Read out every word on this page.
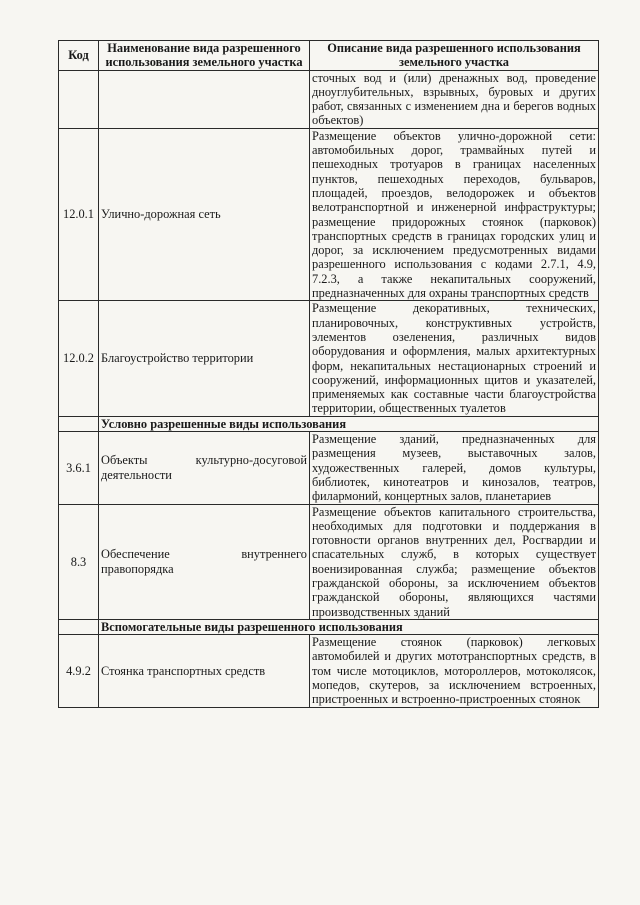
Код	Наименование вида разрешенного использования земельного участка	Описание вида разрешенного использования земельного участка
		сточных вод и (или) дренажных вод, проведение дноуглубительных, взрывных, буровых и других работ, связанных с изменением дна и берегов водных объектов)
12.0.1	Улично-дорожная сеть	Размещение объектов улично-дорожной сети: автомобильных дорог, трамвайных путей и пешеходных тротуаров в границах населенных пунктов, пешеходных переходов, бульваров, площадей, проездов, велодорожек и объектов велотранспортной и инженерной инфраструктуры; размещение придорожных стоянок (парковок) транспортных средств в границах городских улиц и дорог, за исключением предусмотренных видами разрешенного использования с кодами 2.7.1, 4.9, 7.2.3, а также некапитальных сооружений, предназначенных для охраны транспортных средств
12.0.2	Благоустройство территории	Размещение декоративных, технических, планировочных, конструктивных устройств, элементов озеленения, различных видов оборудования и оформления, малых архитектурных форм, некапитальных нестационарных строений и сооружений, информационных щитов и указателей, применяемых как составные части благоустройства территории, общественных туалетов
	Условно разрешенные виды использования	
3.6.1	Объекты культурно-досуговой деятельности	Размещение зданий, предназначенных для размещения музеев, выставочных залов, художественных галерей, домов культуры, библиотек, кинотеатров и кинозалов, театров, филармоний, концертных залов, планетариев
8.3	Обеспечение внутреннего правопорядка	Размещение объектов капитального строительства, необходимых для подготовки и поддержания в готовности органов внутренних дел, Росгвардии и спасательных служб, в которых существует военизированная служба; размещение объектов гражданской обороны, за исключением объектов гражданской обороны, являющихся частями производственных зданий
	Вспомогательные виды разрешенного использования	
4.9.2	Стоянка транспортных средств	Размещение стоянок (парковок) легковых автомобилей и других мототранспортных средств, в том числе мотоциклов, мотороллеров, мотоколясок, мопедов, скутеров, за исключением встроенных, пристроенных и встроенно-пристроенных стоянок
